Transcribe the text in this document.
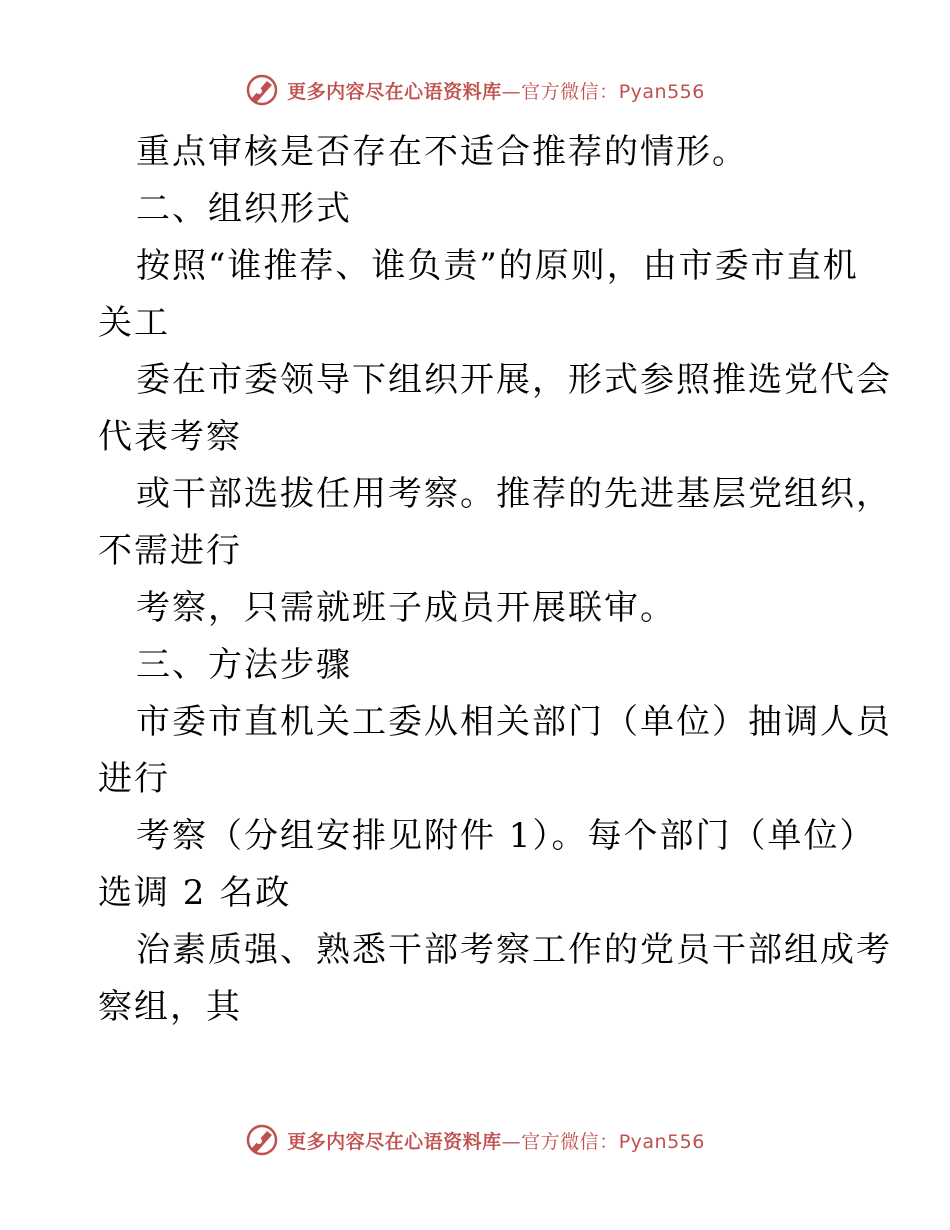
更多内容尽在心语资料库—官方微信：Pyan556
重点审核是否存在不适合推荐的情形。
二、组织形式
按照“谁推荐、谁负责”的原则，由市委市直机
关工
委在市委领导下组织开展，形式参照推选党代会
代表考察
或干部选拔任用考察。推荐的先进基层党组织，
不需进行
考察，只需就班子成员开展联审。
三、方法步骤
市委市直机关工委从相关部门（单位）抽调人员
进行
考察（分组安排见附件 1）。每个部门（单位）
选调 2 名政
治素质强、熟悉干部考察工作的党员干部组成考
察组，其
更多内容尽在心语资料库—官方微信：Pyan556
